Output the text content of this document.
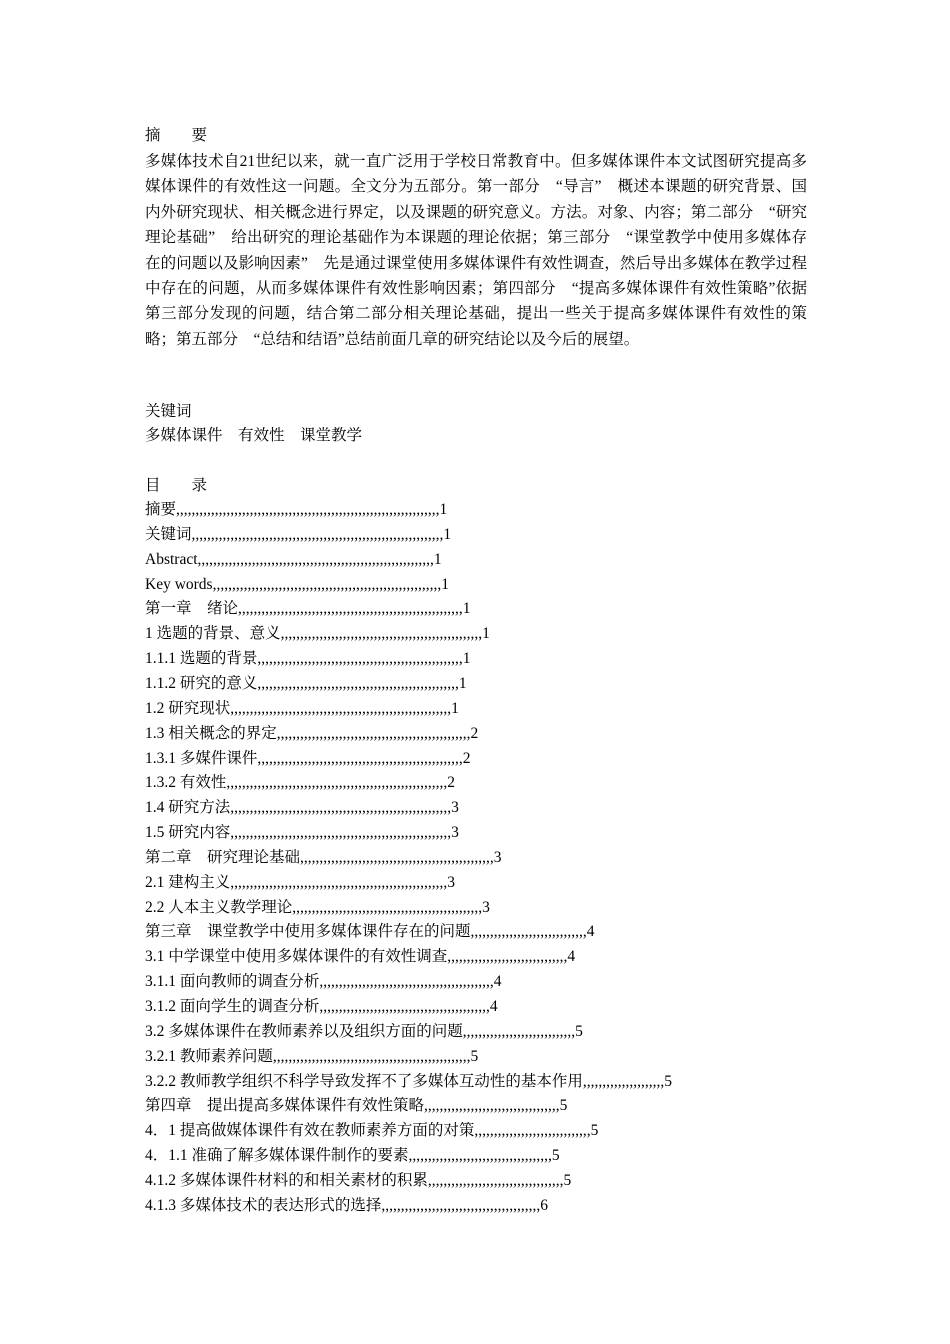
摘　　要
多媒体技术自21世纪以来，就一直广泛用于学校日常教育中。但多媒体课件本文试图研究提高多媒体课件的有效性这一问题。全文分为五部分。第一部分　“导言”　概述本课题的研究背景、国内外研究现状、相关概念进行界定，以及课题的研究意义。方法。对象、内容；第二部分　“研究理论基础”　给出研究的理论基础作为本课题的理论依据；第三部分　“课堂教学中使用多媒体存在的问题以及影响因素”　先是通过课堂使用多媒体课件有效性调查，然后导出多媒体在教学过程中存在的问题，从而多媒体课件有效性影响因素；第四部分　“提高多媒体课件有效性策略”依据第三部分发现的问题，结合第二部分相关理论基础，提出一些关于提高多媒体课件有效性的策略；第五部分　“总结和结语”总结前面几章的研究结论以及今后的展望。
关键词
多媒体课件　有效性　课堂教学
目　　录
摘要,,,,,,,,,,,,,,,,,,,,,,,,,,,,,,,,,,,,,,,,,,,,,,,,,,,,,,,,,,,,,,,,,,,,1
关键词,,,,,,,,,,,,,,,,,,,,,,,,,,,,,,,,,,,,,,,,,,,,,,,,,,,,,,,,,,,,,,,,,1
Abstract,,,,,,,,,,,,,,,,,,,,,,,,,,,,,,,,,,,,,,,,,,,,,,,,,,,,,,,,,,,,,1
Key words,,,,,,,,,,,,,,,,,,,,,,,,,,,,,,,,,,,,,,,,,,,,,,,,,,,,,,,,,,,1
第一章　绪论,,,,,,,,,,,,,,,,,,,,,,,,,,,,,,,,,,,,,,,,,,,,,,,,,,,,,,,,,,1
1 选题的背景、意义,,,,,,,,,,,,,,,,,,,,,,,,,,,,,,,,,,,,,,,,,,,,,,,,,,,,1
1.1.1 选题的背景,,,,,,,,,,,,,,,,,,,,,,,,,,,,,,,,,,,,,,,,,,,,,,,,,,,,,1
1.1.2 研究的意义,,,,,,,,,,,,,,,,,,,,,,,,,,,,,,,,,,,,,,,,,,,,,,,,,,,,1
1.2 研究现状,,,,,,,,,,,,,,,,,,,,,,,,,,,,,,,,,,,,,,,,,,,,,,,,,,,,,,,,,1
1.3 相关概念的界定,,,,,,,,,,,,,,,,,,,,,,,,,,,,,,,,,,,,,,,,,,,,,,,,,,2
1.3.1 多媒件课件,,,,,,,,,,,,,,,,,,,,,,,,,,,,,,,,,,,,,,,,,,,,,,,,,,,,,2
1.3.2 有效性,,,,,,,,,,,,,,,,,,,,,,,,,,,,,,,,,,,,,,,,,,,,,,,,,,,,,,,,,2
1.4 研究方法,,,,,,,,,,,,,,,,,,,,,,,,,,,,,,,,,,,,,,,,,,,,,,,,,,,,,,,,,3
1.5 研究内容,,,,,,,,,,,,,,,,,,,,,,,,,,,,,,,,,,,,,,,,,,,,,,,,,,,,,,,,,3
第二章　研究理论基础,,,,,,,,,,,,,,,,,,,,,,,,,,,,,,,,,,,,,,,,,,,,,,,,,,3
2.1 建构主义,,,,,,,,,,,,,,,,,,,,,,,,,,,,,,,,,,,,,,,,,,,,,,,,,,,,,,,,3
2.2 人本主义教学理论,,,,,,,,,,,,,,,,,,,,,,,,,,,,,,,,,,,,,,,,,,,,,,,,,3
第三章　课堂教学中使用多媒体课件存在的问题,,,,,,,,,,,,,,,,,,,,,,,,,,,,,,4
3.1 中学课堂中使用多媒体课件的有效性调查,,,,,,,,,,,,,,,,,,,,,,,,,,,,,,,4
3.1.1 面向教师的调查分析,,,,,,,,,,,,,,,,,,,,,,,,,,,,,,,,,,,,,,,,,,,,,4
3.1.2 面向学生的调查分析,,,,,,,,,,,,,,,,,,,,,,,,,,,,,,,,,,,,,,,,,,,,4
3.2 多媒体课件在教师素养以及组织方面的问题,,,,,,,,,,,,,,,,,,,,,,,,,,,,,5
3.2.1 教师素养问题,,,,,,,,,,,,,,,,,,,,,,,,,,,,,,,,,,,,,,,,,,,,,,,,,,,5
3.2.2 教师教学组织不科学导致发挥不了多媒体互动性的基本作用,,,,,,,,,,,,,,,,,,,,,5
第四章　提出提高多媒体课件有效性策略,,,,,,,,,,,,,,,,,,,,,,,,,,,,,,,,,,,5
4．1 提高做媒体课件有效在教师素养方面的对策,,,,,,,,,,,,,,,,,,,,,,,,,,,,,,5
4．1.1 准确了解多媒体课件制作的要素,,,,,,,,,,,,,,,,,,,,,,,,,,,,,,,,,,,,,5
4.1.2 多媒体课件材料的和相关素材的积累,,,,,,,,,,,,,,,,,,,,,,,,,,,,,,,,,,,5
4.1.3 多媒体技术的表达形式的选择,,,,,,,,,,,,,,,,,,,,,,,,,,,,,,,,,,,,,,,,,6
